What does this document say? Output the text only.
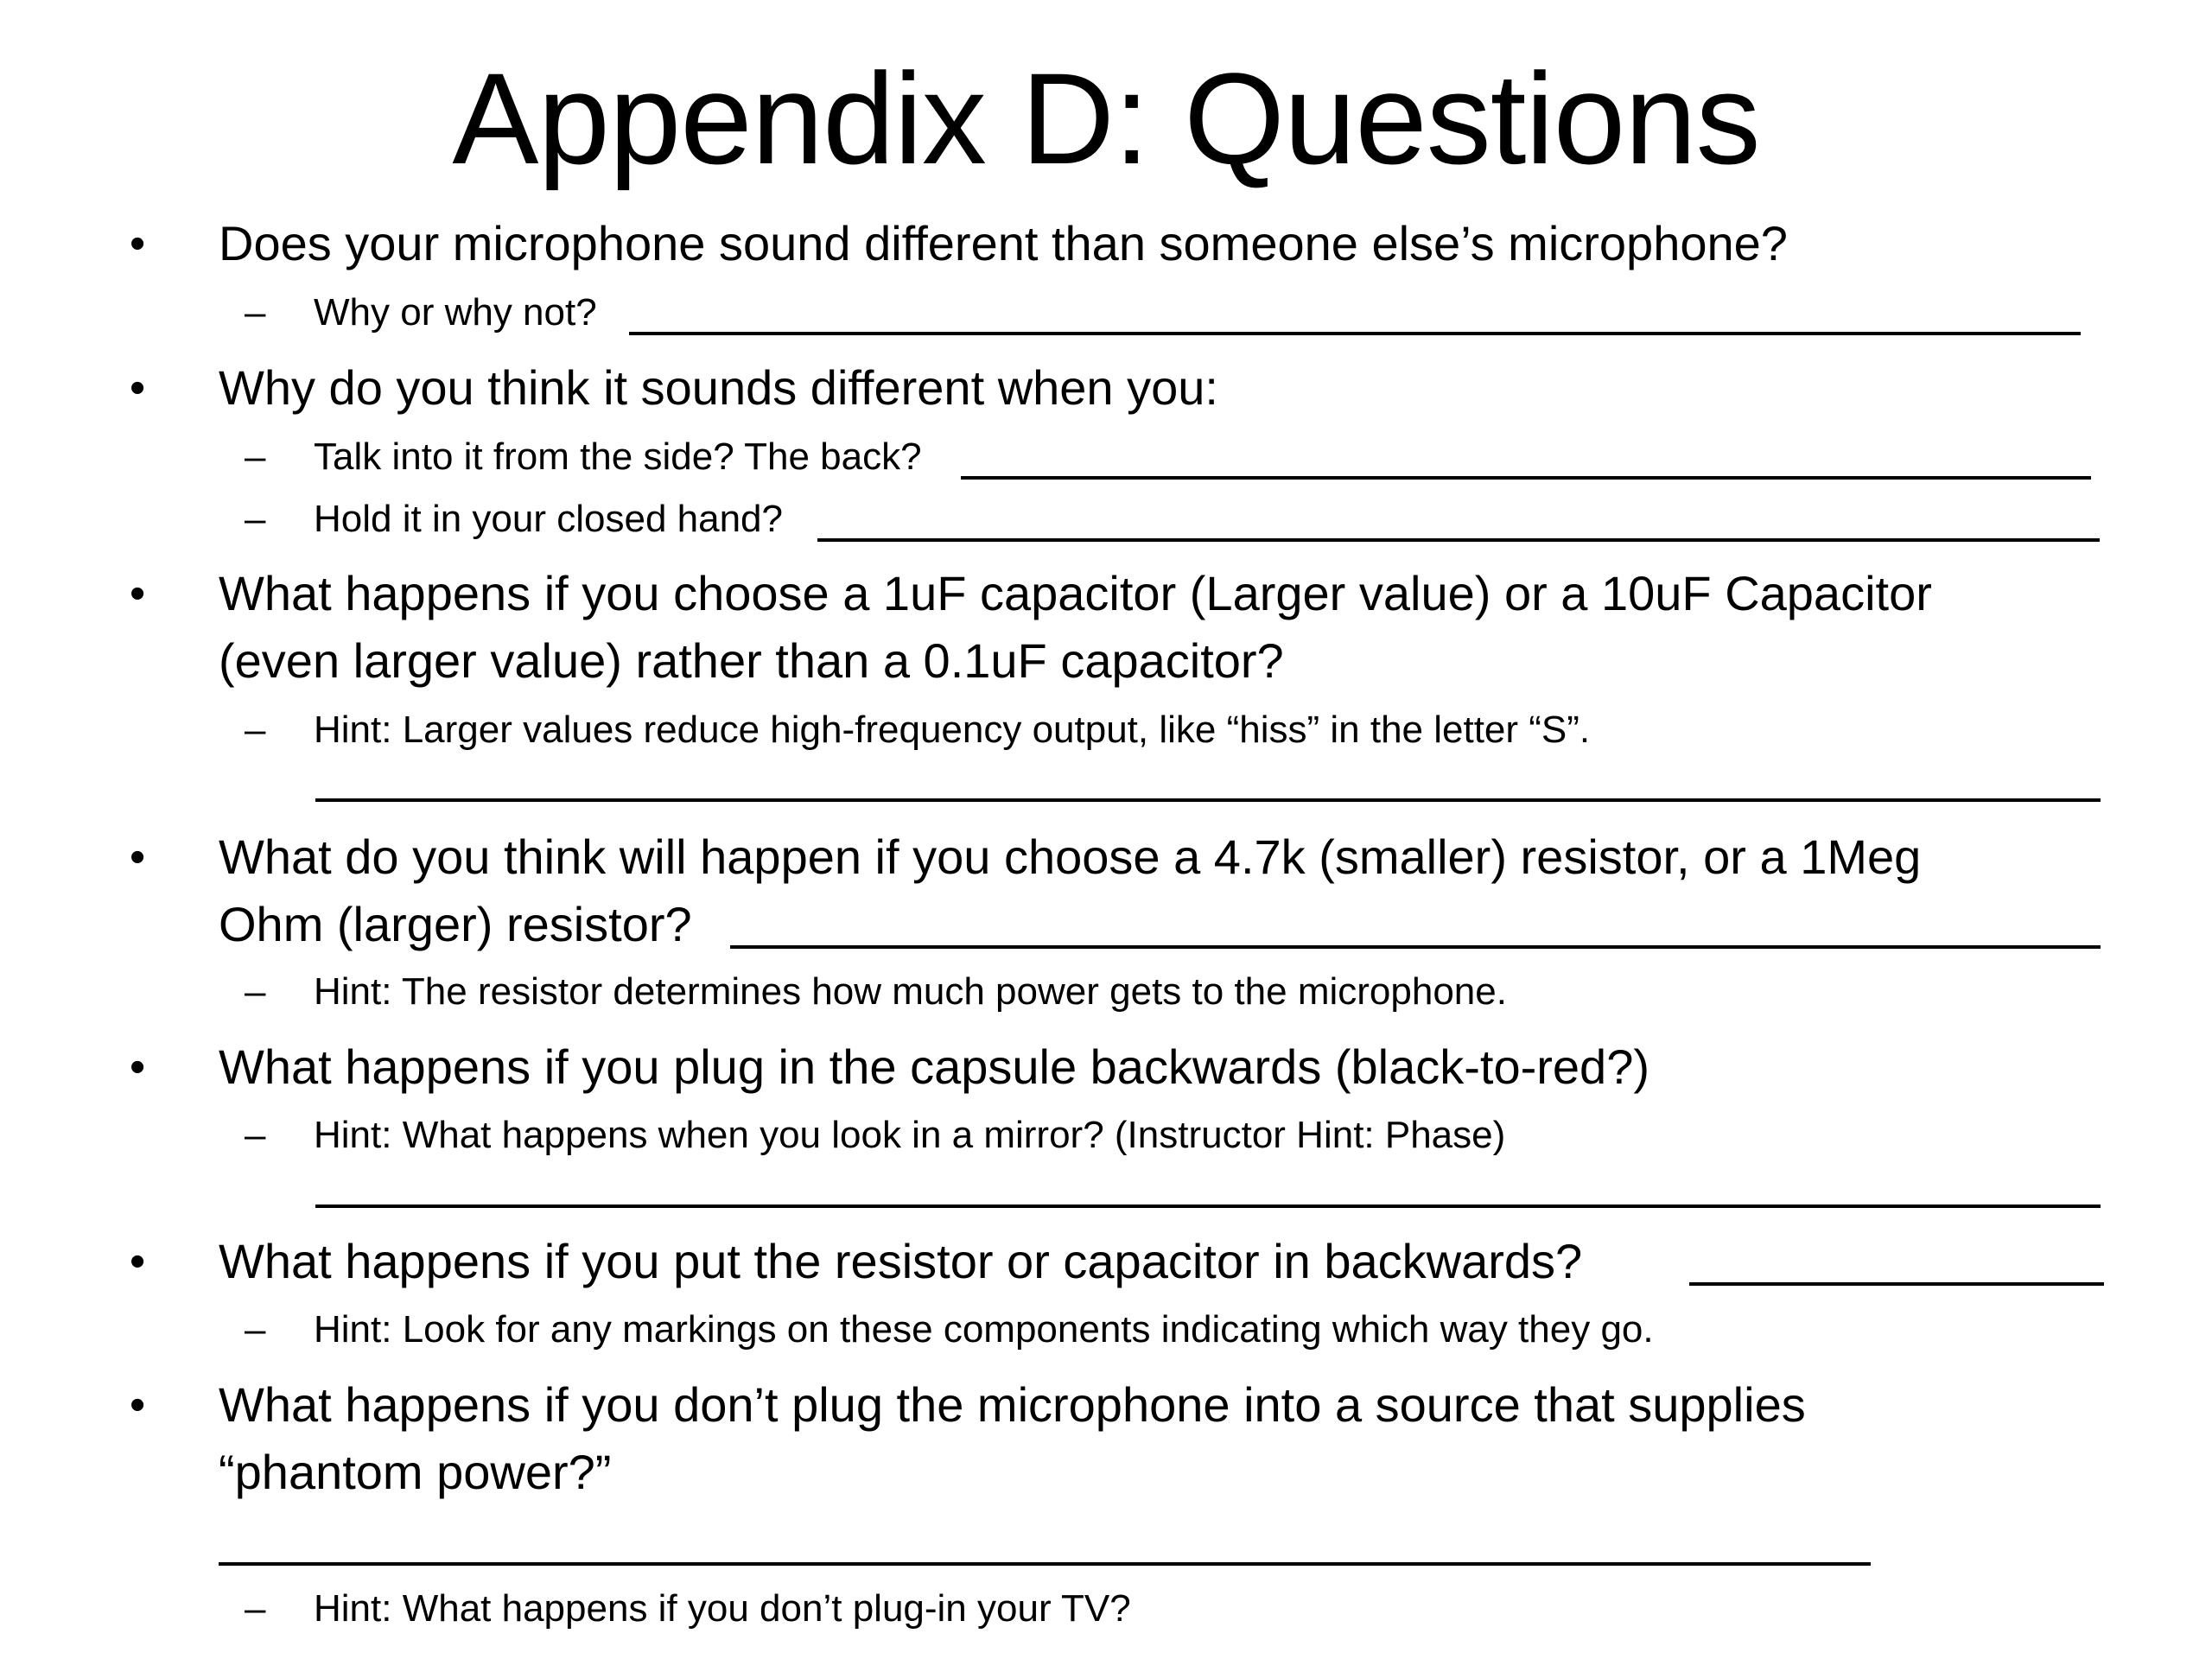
Appendix D: Questions
• Does your microphone sound different than someone else’s microphone?
– Why or why not?
• Why do you think it sounds different when you:
– Talk into it from the side? The back?
– Hold it in your closed hand?
• What happens if you choose a 1uF capacitor (Larger value) or a 10uF Capacitor
(even larger value) rather than a 0.1uF capacitor?
– Hint: Larger values reduce high-frequency output, like “hiss” in the letter “S”.
• What do you think will happen if you choose a 4.7k (smaller) resistor, or a 1Meg
Ohm (larger) resistor?
– Hint: The resistor determines how much power gets to the microphone.
• What happens if you plug in the capsule backwards (black-to-red?)
– Hint: What happens when you look in a mirror? (Instructor Hint: Phase)
• What happens if you put the resistor or capacitor in backwards?
– Hint: Look for any markings on these components indicating which way they go.
• What happens if you don’t plug the microphone into a source that supplies
“phantom power?”
– Hint: What happens if you don’t plug-in your TV?
